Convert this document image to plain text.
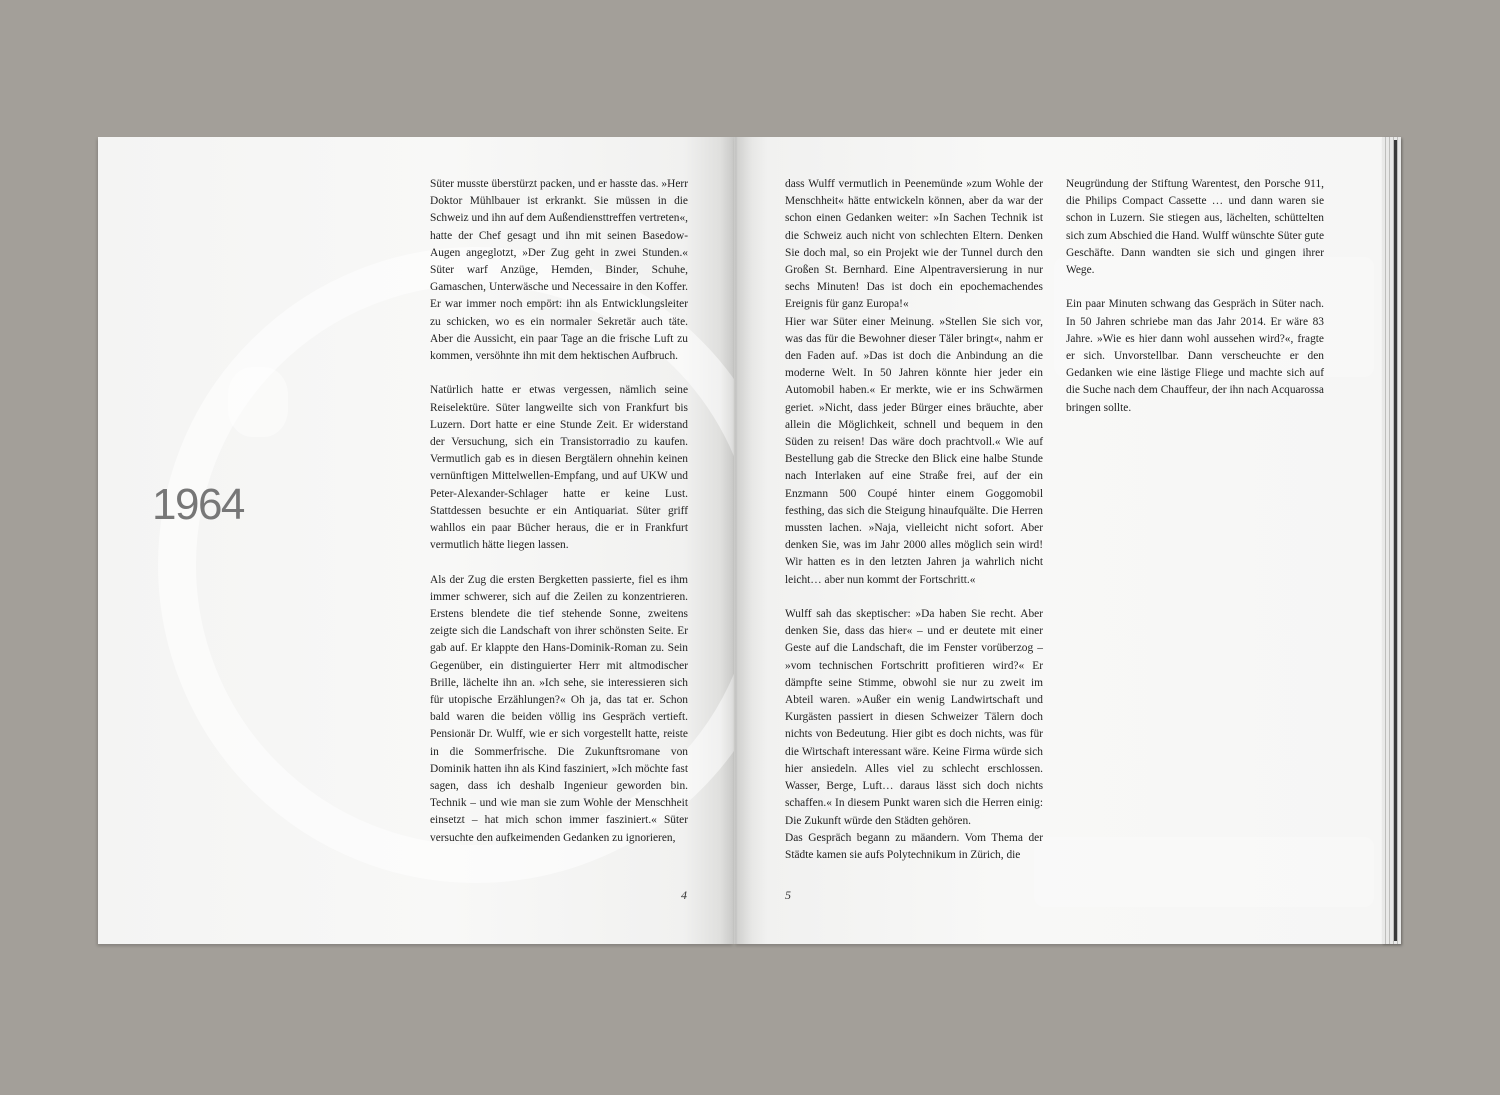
1964

Süter musste überstürzt packen, und er hasste das. »Herr Doktor Mühlbauer ist erkrankt. Sie müssen in die Schweiz und ihn auf dem Außendiensttreffen vertreten«, hatte der Chef gesagt und ihn mit seinen Basedow-Augen angeglotzt, »Der Zug geht in zwei Stunden.« Süter warf Anzüge, Hemden, Binder, Schuhe, Gamaschen, Unterwäsche und Necessaire in den Koffer. Er war immer noch empört: ihn als Entwicklungsleiter zu schicken, wo es ein normaler Sekretär auch täte. Aber die Aussicht, ein paar Tage an die frische Luft zu kommen, versöhnte ihn mit dem hektischen Aufbruch.

Natürlich hatte er etwas vergessen, nämlich seine Reiselektüre. Süter langweilte sich von Frankfurt bis Luzern. Dort hatte er eine Stunde Zeit. Er widerstand der Versuchung, sich ein Transistorradio zu kaufen. Vermutlich gab es in diesen Bergtälern ohnehin keinen vernünftigen Mittelwellen-Empfang, und auf UKW und Peter-Alexander-Schlager hatte er keine Lust. Stattdessen besuchte er ein Antiquariat. Süter griff wahllos ein paar Bücher heraus, die er in Frankfurt vermutlich hätte liegen lassen.

Als der Zug die ersten Bergketten passierte, fiel es ihm immer schwerer, sich auf die Zeilen zu konzentrieren. Erstens blendete die tief stehende Sonne, zweitens zeigte sich die Landschaft von ihrer schönsten Seite. Er gab auf. Er klappte den Hans-Dominik-Roman zu. Sein Gegenüber, ein distinguierter Herr mit altmodischer Brille, lächelte ihn an. »Ich sehe, sie interessieren sich für utopische Erzählungen?« Oh ja, das tat er. Schon bald waren die beiden völlig ins Gespräch vertieft. Pensionär Dr. Wulff, wie er sich vorgestellt hatte, reiste in die Sommerfrische. Die Zukunftsromane von Dominik hatten ihn als Kind fasziniert, »Ich möchte fast sagen, dass ich deshalb Ingenieur geworden bin. Technik – und wie man sie zum Wohle der Menschheit einsetzt – hat mich schon immer fasziniert.« Süter versuchte den aufkeimenden Gedanken zu ignorieren,

4

dass Wulff vermutlich in Peenemünde »zum Wohle der Menschheit« hätte entwickeln können, aber da war der schon einen Gedanken weiter: »In Sachen Technik ist die Schweiz auch nicht von schlechten Eltern. Denken Sie doch mal, so ein Projekt wie der Tunnel durch den Großen St. Bernhard. Eine Alpentraversierung in nur sechs Minuten! Das ist doch ein epochemachendes Ereignis für ganz Europa!«

Hier war Süter einer Meinung. »Stellen Sie sich vor, was das für die Bewohner dieser Täler bringt«, nahm er den Faden auf. »Das ist doch die Anbindung an die moderne Welt. In 50 Jahren könnte hier jeder ein Automobil haben.« Er merkte, wie er ins Schwärmen geriet. »Nicht, dass jeder Bürger eines bräuchte, aber allein die Möglichkeit, schnell und bequem in den Süden zu reisen! Das wäre doch prachtvoll.« Wie auf Bestellung gab die Strecke den Blick eine halbe Stunde nach Interlaken auf eine Straße frei, auf der ein Enzmann 500 Coupé hinter einem Goggomobil festhing, das sich die Steigung hinaufquälte. Die Herren mussten lachen. »Naja, vielleicht nicht sofort. Aber denken Sie, was im Jahr 2000 alles möglich sein wird! Wir hatten es in den letzten Jahren ja wahrlich nicht leicht… aber nun kommt der Fortschritt.«

Wulff sah das skeptischer: »Da haben Sie recht. Aber denken Sie, dass das hier« – und er deutete mit einer Geste auf die Landschaft, die im Fenster vorüberzog – »vom technischen Fortschritt profitieren wird?« Er dämpfte seine Stimme, obwohl sie nur zu zweit im Abteil waren. »Außer ein wenig Landwirtschaft und Kurgästen passiert in diesen Schweizer Tälern doch nichts von Bedeutung. Hier gibt es doch nichts, was für die Wirtschaft interessant wäre. Keine Firma würde sich hier ansiedeln. Alles viel zu schlecht erschlossen. Wasser, Berge, Luft… daraus lässt sich doch nichts schaffen.« In diesem Punkt waren sich die Herren einig: Die Zukunft würde den Städten gehören.

Das Gespräch begann zu mäandern. Vom Thema der Städte kamen sie aufs Polytechnikum in Zürich, die

Neugründung der Stiftung Warentest, den Porsche 911, die Philips Compact Cassette … und dann waren sie schon in Luzern. Sie stiegen aus, lächelten, schüttelten sich zum Abschied die Hand. Wulff wünschte Süter gute Geschäfte. Dann wandten sie sich und gingen ihrer Wege.

Ein paar Minuten schwang das Gespräch in Süter nach. In 50 Jahren schriebe man das Jahr 2014. Er wäre 83 Jahre. »Wie es hier dann wohl aussehen wird?«, fragte er sich. Unvorstellbar. Dann verscheuchte er den Gedanken wie eine lästige Fliege und machte sich auf die Suche nach dem Chauffeur, der ihn nach Acquarossa bringen sollte.

5
